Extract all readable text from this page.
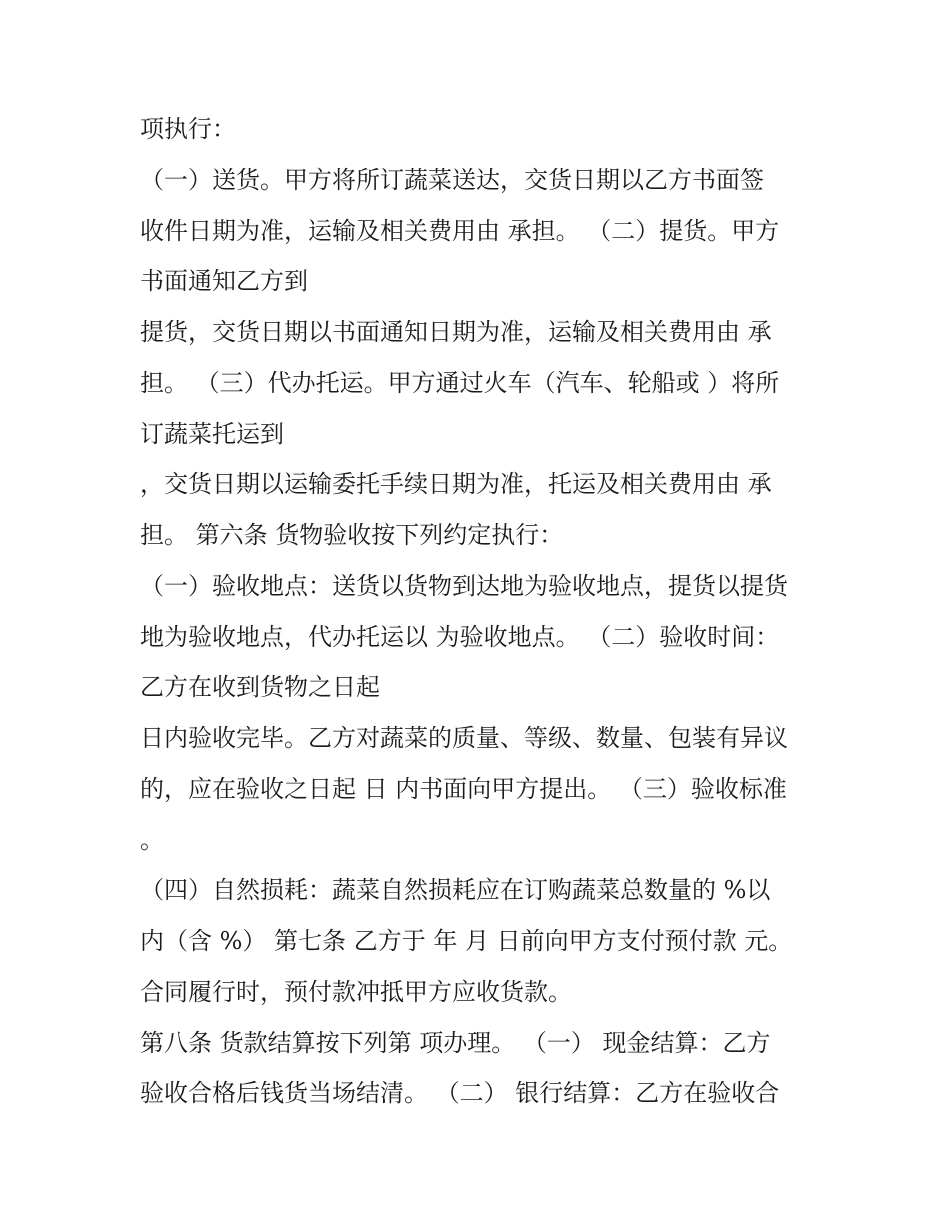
项执行：
（一）送货。甲方将所订蔬菜送达，交货日期以乙方书面签
收件日期为准，运输及相关费用由 承担。 （二）提货。甲方
书面通知乙方到
提货，交货日期以书面通知日期为准，运输及相关费用由 承
担。 （三）代办托运。甲方通过火车（汽车、轮船或 ）将所
订蔬菜托运到
，交货日期以运输委托手续日期为准，托运及相关费用由 承
担。 第六条 货物验收按下列约定执行：
（一）验收地点：送货以货物到达地为验收地点，提货以提货
地为验收地点，代办托运以 为验收地点。 （二）验收时间：
乙方在收到货物之日起
日内验收完毕。乙方对蔬菜的质量、等级、数量、包装有异议
的，应在验收之日起 日 内书面向甲方提出。 （三）验收标准
。
（四）自然损耗：蔬菜自然损耗应在订购蔬菜总数量的 %以
内（含 %） 第七条 乙方于 年 月 日前向甲方支付预付款 元。
合同履行时，预付款冲抵甲方应收货款。
第八条 货款结算按下列第 项办理。 （一） 现金结算：乙方
验收合格后钱货当场结清。 （二） 银行结算：乙方在验收合
